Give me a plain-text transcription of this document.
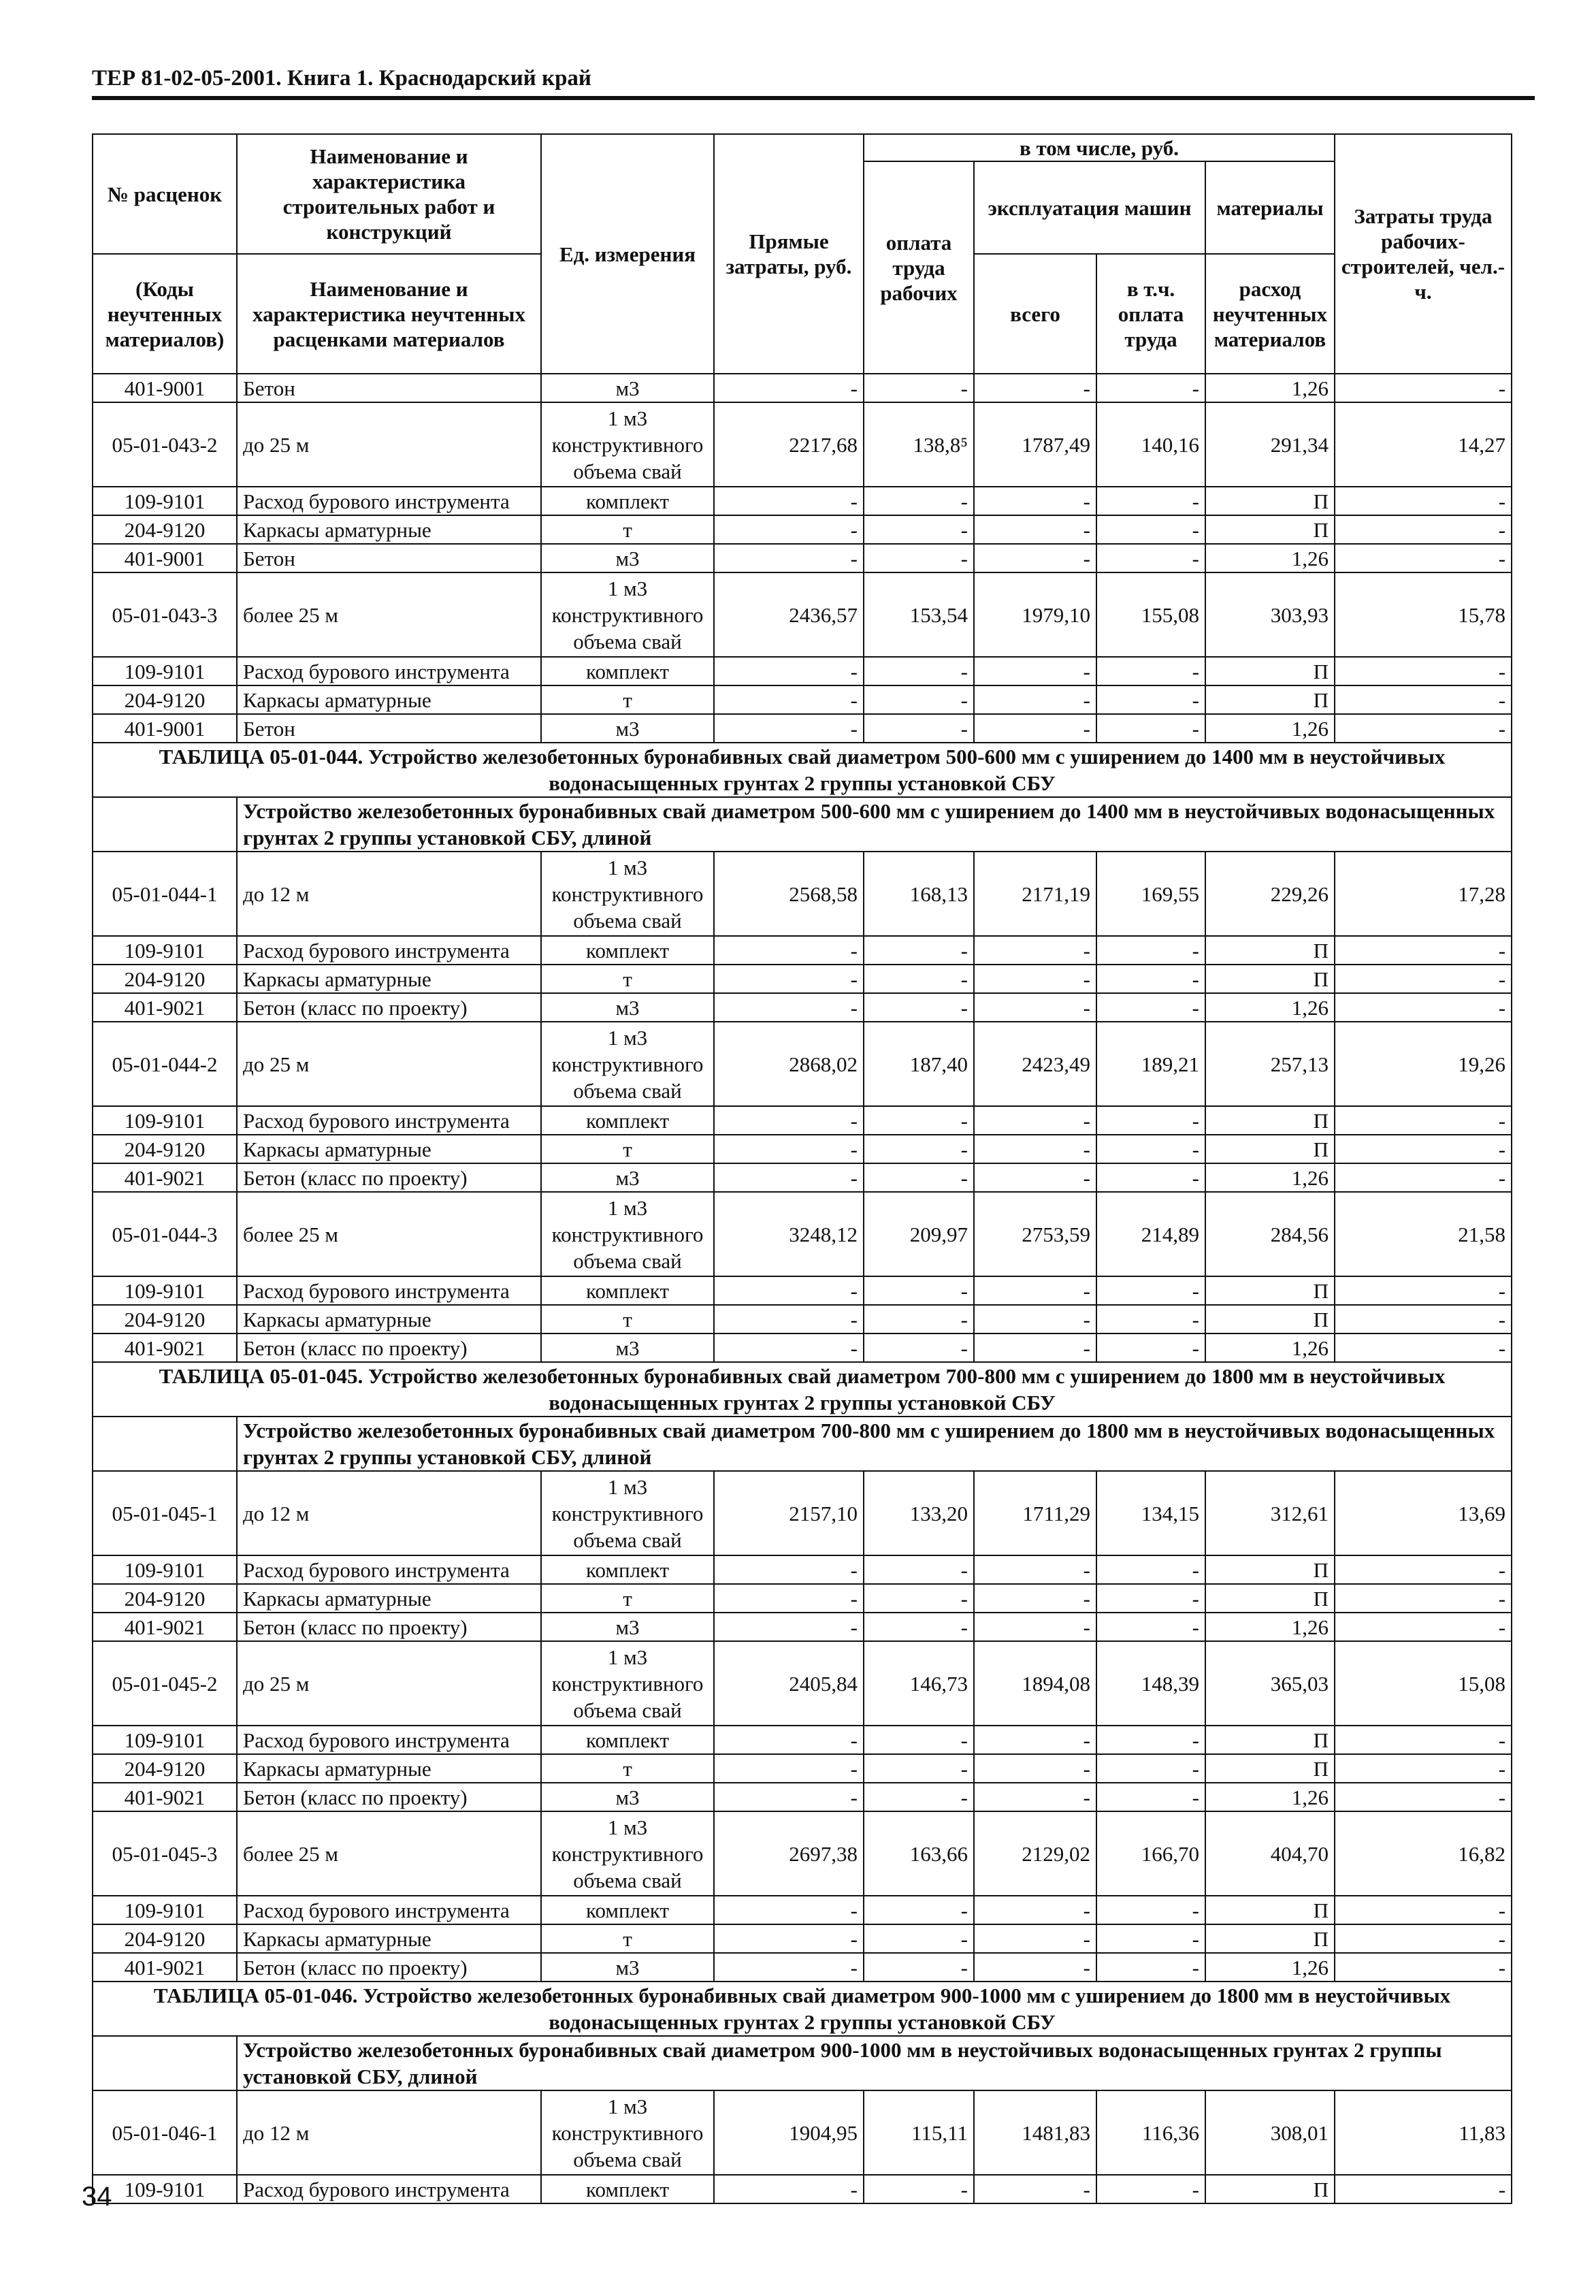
ТЕР 81-02-05-2001. Книга 1. Краснодарский край
№ расценок	Наименование и характеристика строительных работ и конструкций	Ед. измерения	Прямые затраты, руб.	в том числе, руб.				Затраты труда рабочих-строителей, чел.-ч.
				оплата труда рабочих	эксплуатация машин		материалы	

(Коды неучтенных материалов)	Наименование и характеристика неучтенных расценками материалов				всего	в т.ч. оплата труда	расход неучтенных материалов	

401-9001	Бетон	м3	-	-	-	-	1,26	-
05-01-043-2	до 25 м	1 м3 конструктивного объема свай	2217,68	138,8⁵	1787,49	140,16	291,34	14,27
109-9101	Расход бурового инструмента	комплект	-	-	-	-	П	-
204-9120	Каркасы арматурные	т	-	-	-	-	П	-
401-9001	Бетон	м3	-	-	-	-	1,26	-
05-01-043-3	более 25 м	1 м3 конструктивного объема свай	2436,57	153,54	1979,10	155,08	303,93	15,78
109-9101	Расход бурового инструмента	комплект	-	-	-	-	П	-
204-9120	Каркасы арматурные	т	-	-	-	-	П	-
401-9001	Бетон	м3	-	-	-	-	1,26	-
ТАБЛИЦА 05-01-044. Устройство железобетонных буронабивных свай диаметром 500-600 мм с уширением до 1400 мм в неустойчивых водонасыщенных грунтах 2 группы установкой СБУ								
	Устройство железобетонных буронабивных свай диаметром 500-600 мм с уширением до 1400 мм в неустойчивых водонасыщенных грунтах 2 группы установкой СБУ, длиной							
05-01-044-1	до 12 м	1 м3 конструктивного объема свай	2568,58	168,13	2171,19	169,55	229,26	17,28
109-9101	Расход бурового инструмента	комплект	-	-	-	-	П	-
204-9120	Каркасы арматурные	т	-	-	-	-	П	-
401-9021	Бетон (класс по проекту)	м3	-	-	-	-	1,26	-
05-01-044-2	до 25 м	1 м3 конструктивного объема свай	2868,02	187,40	2423,49	189,21	257,13	19,26
109-9101	Расход бурового инструмента	комплект	-	-	-	-	П	-
204-9120	Каркасы арматурные	т	-	-	-	-	П	-
401-9021	Бетон (класс по проекту)	м3	-	-	-	-	1,26	-
05-01-044-3	более 25 м	1 м3 конструктивного объема свай	3248,12	209,97	2753,59	214,89	284,56	21,58
109-9101	Расход бурового инструмента	комплект	-	-	-	-	П	-
204-9120	Каркасы арматурные	т	-	-	-	-	П	-
401-9021	Бетон (класс по проекту)	м3	-	-	-	-	1,26	-
ТАБЛИЦА 05-01-045. Устройство железобетонных буронабивных свай диаметром 700-800 мм с уширением до 1800 мм в неустойчивых водонасыщенных грунтах 2 группы установкой СБУ								
	Устройство железобетонных буронабивных свай диаметром 700-800 мм с уширением до 1800 мм в неустойчивых водонасыщенных грунтах 2 группы установкой СБУ, длиной							
05-01-045-1	до 12 м	1 м3 конструктивного объема свай	2157,10	133,20	1711,29	134,15	312,61	13,69
109-9101	Расход бурового инструмента	комплект	-	-	-	-	П	-
204-9120	Каркасы арматурные	т	-	-	-	-	П	-
401-9021	Бетон (класс по проекту)	м3	-	-	-	-	1,26	-
05-01-045-2	до 25 м	1 м3 конструктивного объема свай	2405,84	146,73	1894,08	148,39	365,03	15,08
109-9101	Расход бурового инструмента	комплект	-	-	-	-	П	-
204-9120	Каркасы арматурные	т	-	-	-	-	П	-
401-9021	Бетон (класс по проекту)	м3	-	-	-	-	1,26	-
05-01-045-3	более 25 м	1 м3 конструктивного объема свай	2697,38	163,66	2129,02	166,70	404,70	16,82
109-9101	Расход бурового инструмента	комплект	-	-	-	-	П	-
204-9120	Каркасы арматурные	т	-	-	-	-	П	-
401-9021	Бетон (класс по проекту)	м3	-	-	-	-	1,26	-
ТАБЛИЦА 05-01-046. Устройство железобетонных буронабивных свай диаметром 900-1000 мм с уширением до 1800 мм в неустойчивых водонасыщенных грунтах 2 группы установкой СБУ								
	Устройство железобетонных буронабивных свай диаметром 900-1000 мм в неустойчивых водонасыщенных грунтах 2 группы установкой СБУ, длиной							
05-01-046-1	до 12 м	1 м3 конструктивного объема свай	1904,95	115,11	1481,83	116,36	308,01	11,83
109-9101	Расход бурового инструмента	комплект	-	-	-	-	П	-
34
